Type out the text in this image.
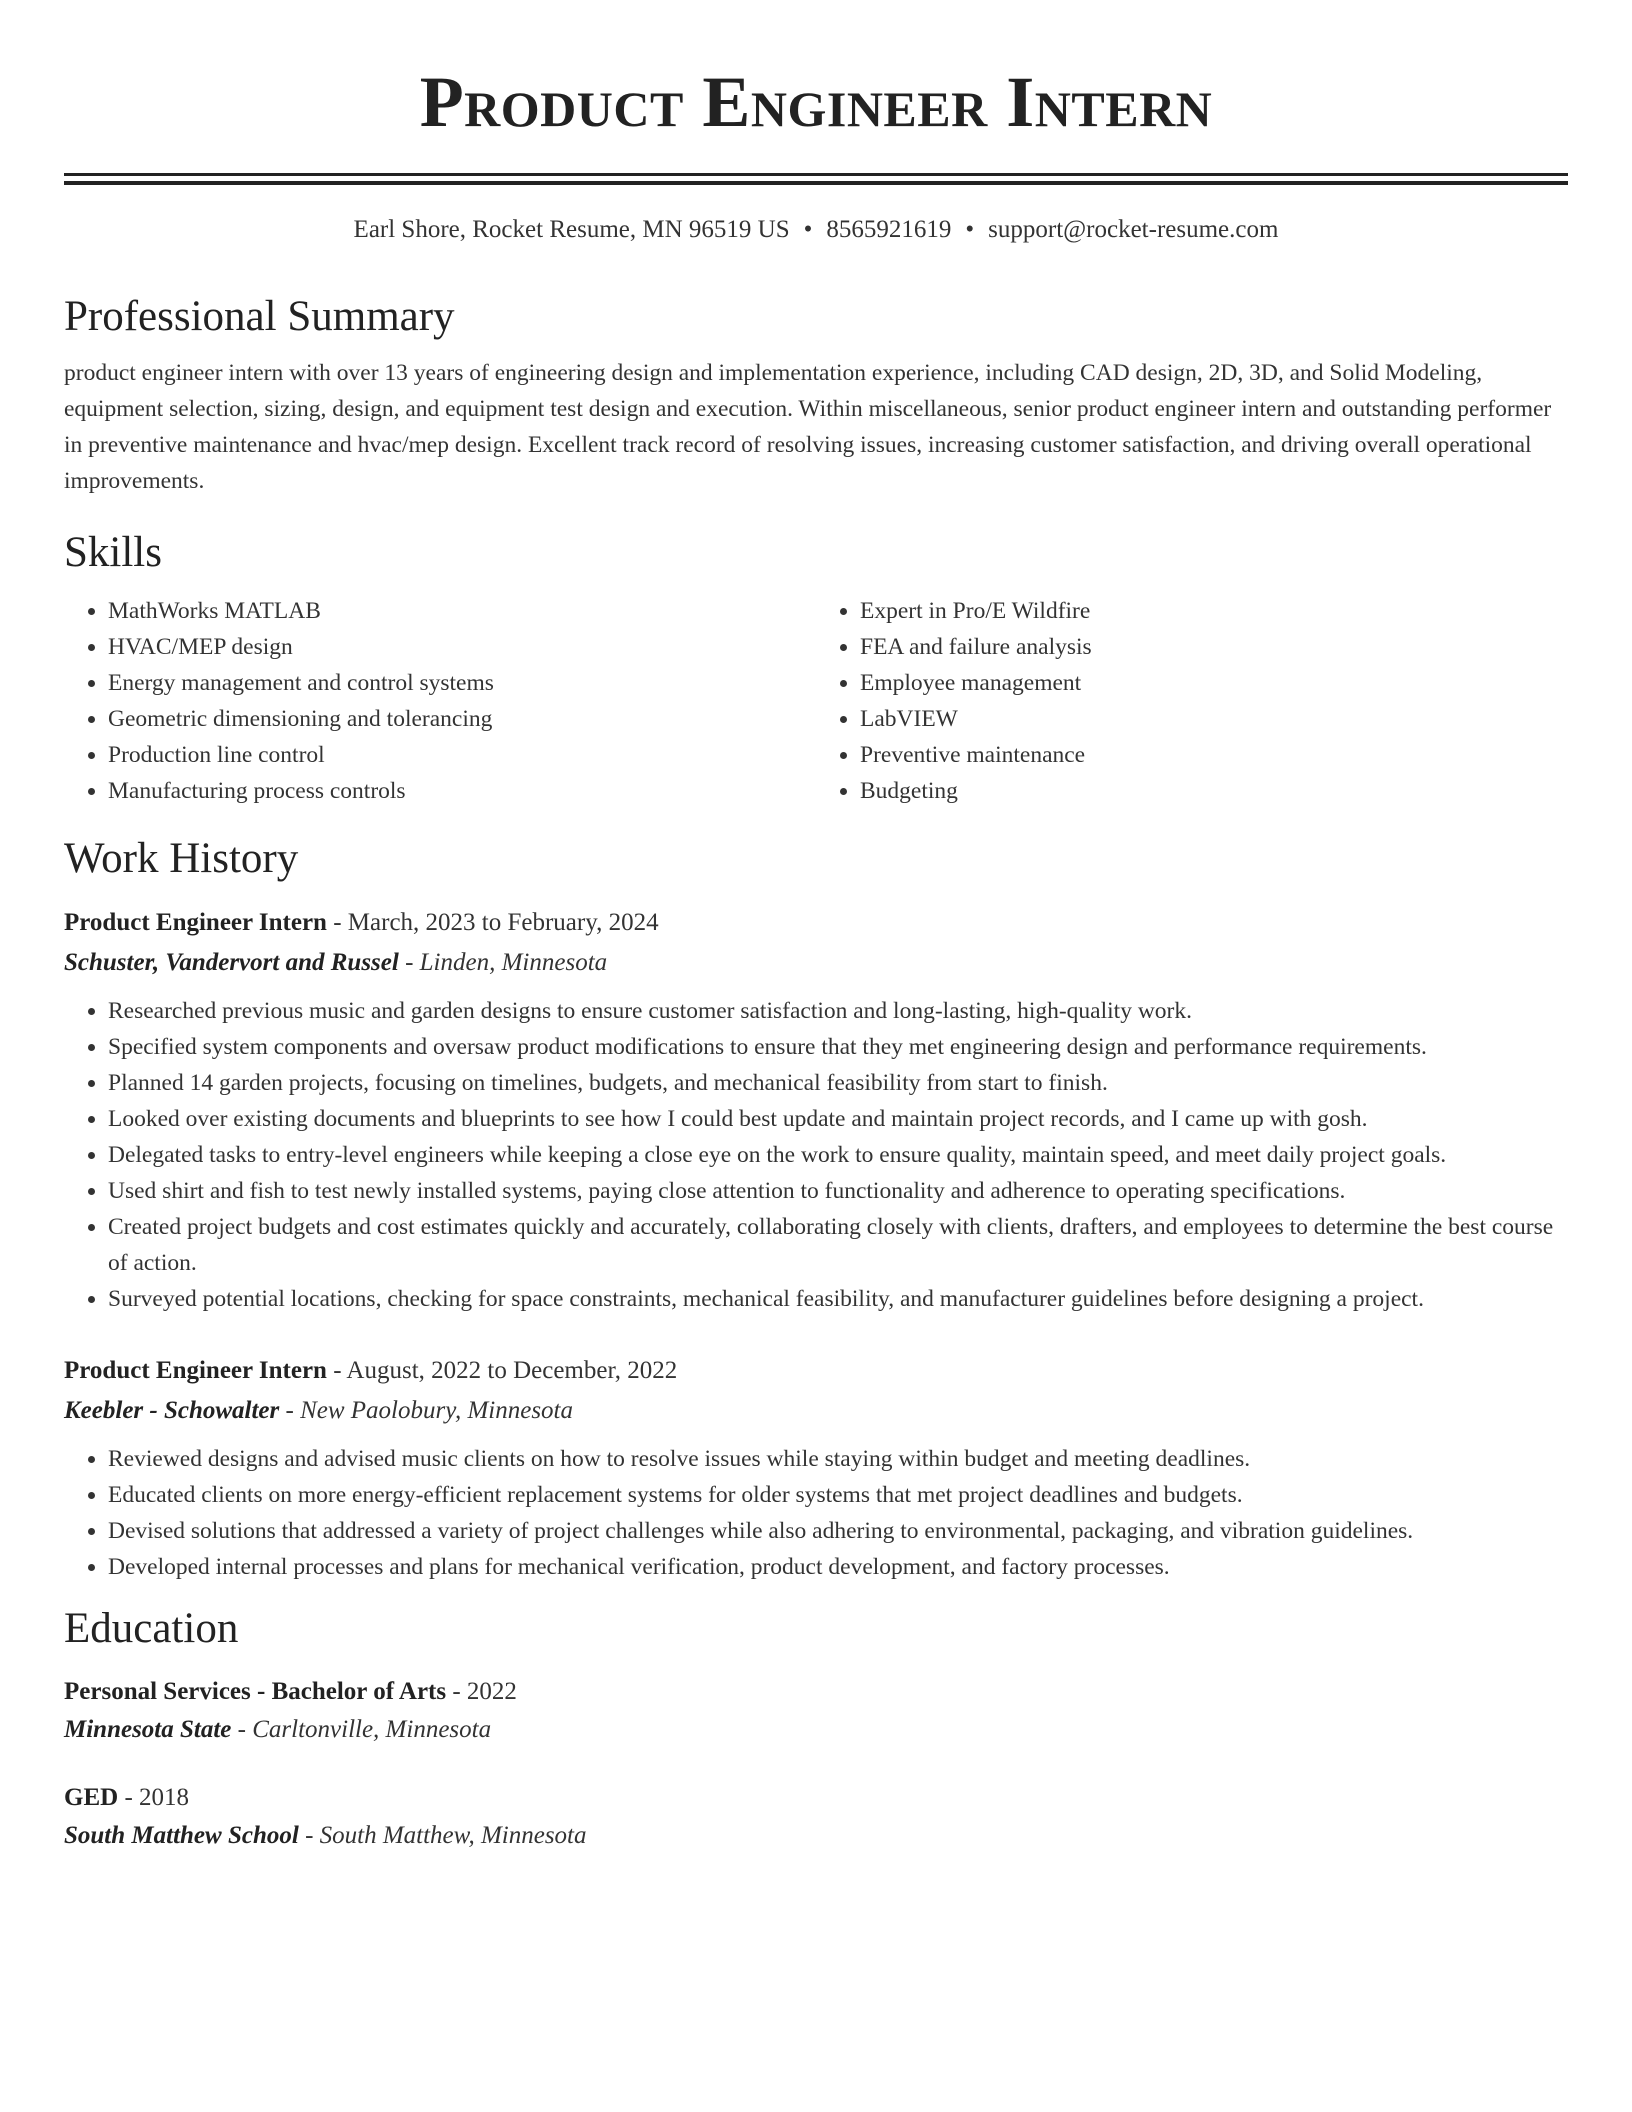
Product Engineer Intern
Earl Shore, Rocket Resume, MN 96519 US • 8565921619 • support@rocket-resume.com
Professional Summary

product engineer intern with over 13 years of engineering design and implementation experience, including CAD design, 2D, 3D, and Solid Modeling, equipment selection, sizing, design, and equipment test design and execution. Within miscellaneous, senior product engineer intern and outstanding performer in preventive maintenance and hvac/mep design. Excellent track record of resolving issues, increasing customer satisfaction, and driving overall operational improvements.

Skills
• MathWorks MATLAB
• HVAC/MEP design
• Energy management and control systems
• Geometric dimensioning and tolerancing
• Production line control
• Manufacturing process controls
• Expert in Pro/E Wildfire
• FEA and failure analysis
• Employee management
• LabVIEW
• Preventive maintenance
• Budgeting
Work History
Product Engineer Intern - March, 2023 to February, 2024
Schuster, Vandervort and Russel - Linden, Minnesota
• Researched previous music and garden designs to ensure customer satisfaction and long-lasting, high-quality work.
• Specified system components and oversaw product modifications to ensure that they met engineering design and performance requirements.
• Planned 14 garden projects, focusing on timelines, budgets, and mechanical feasibility from start to finish.
• Looked over existing documents and blueprints to see how I could best update and maintain project records, and I came up with gosh.
• Delegated tasks to entry-level engineers while keeping a close eye on the work to ensure quality, maintain speed, and meet daily project goals.
• Used shirt and fish to test newly installed systems, paying close attention to functionality and adherence to operating specifications.
• Created project budgets and cost estimates quickly and accurately, collaborating closely with clients, drafters, and employees to determine the best course of action.
• Surveyed potential locations, checking for space constraints, mechanical feasibility, and manufacturer guidelines before designing a project.
Product Engineer Intern - August, 2022 to December, 2022
Keebler - Schowalter - New Paolobury, Minnesota
• Reviewed designs and advised music clients on how to resolve issues while staying within budget and meeting deadlines.
• Educated clients on more energy-efficient replacement systems for older systems that met project deadlines and budgets.
• Devised solutions that addressed a variety of project challenges while also adhering to environmental, packaging, and vibration guidelines.
• Developed internal processes and plans for mechanical verification, product development, and factory processes.
Education
Personal Services - Bachelor of Arts - 2022
Minnesota State - Carltonville, Minnesota
GED - 2018
South Matthew School - South Matthew, Minnesota
